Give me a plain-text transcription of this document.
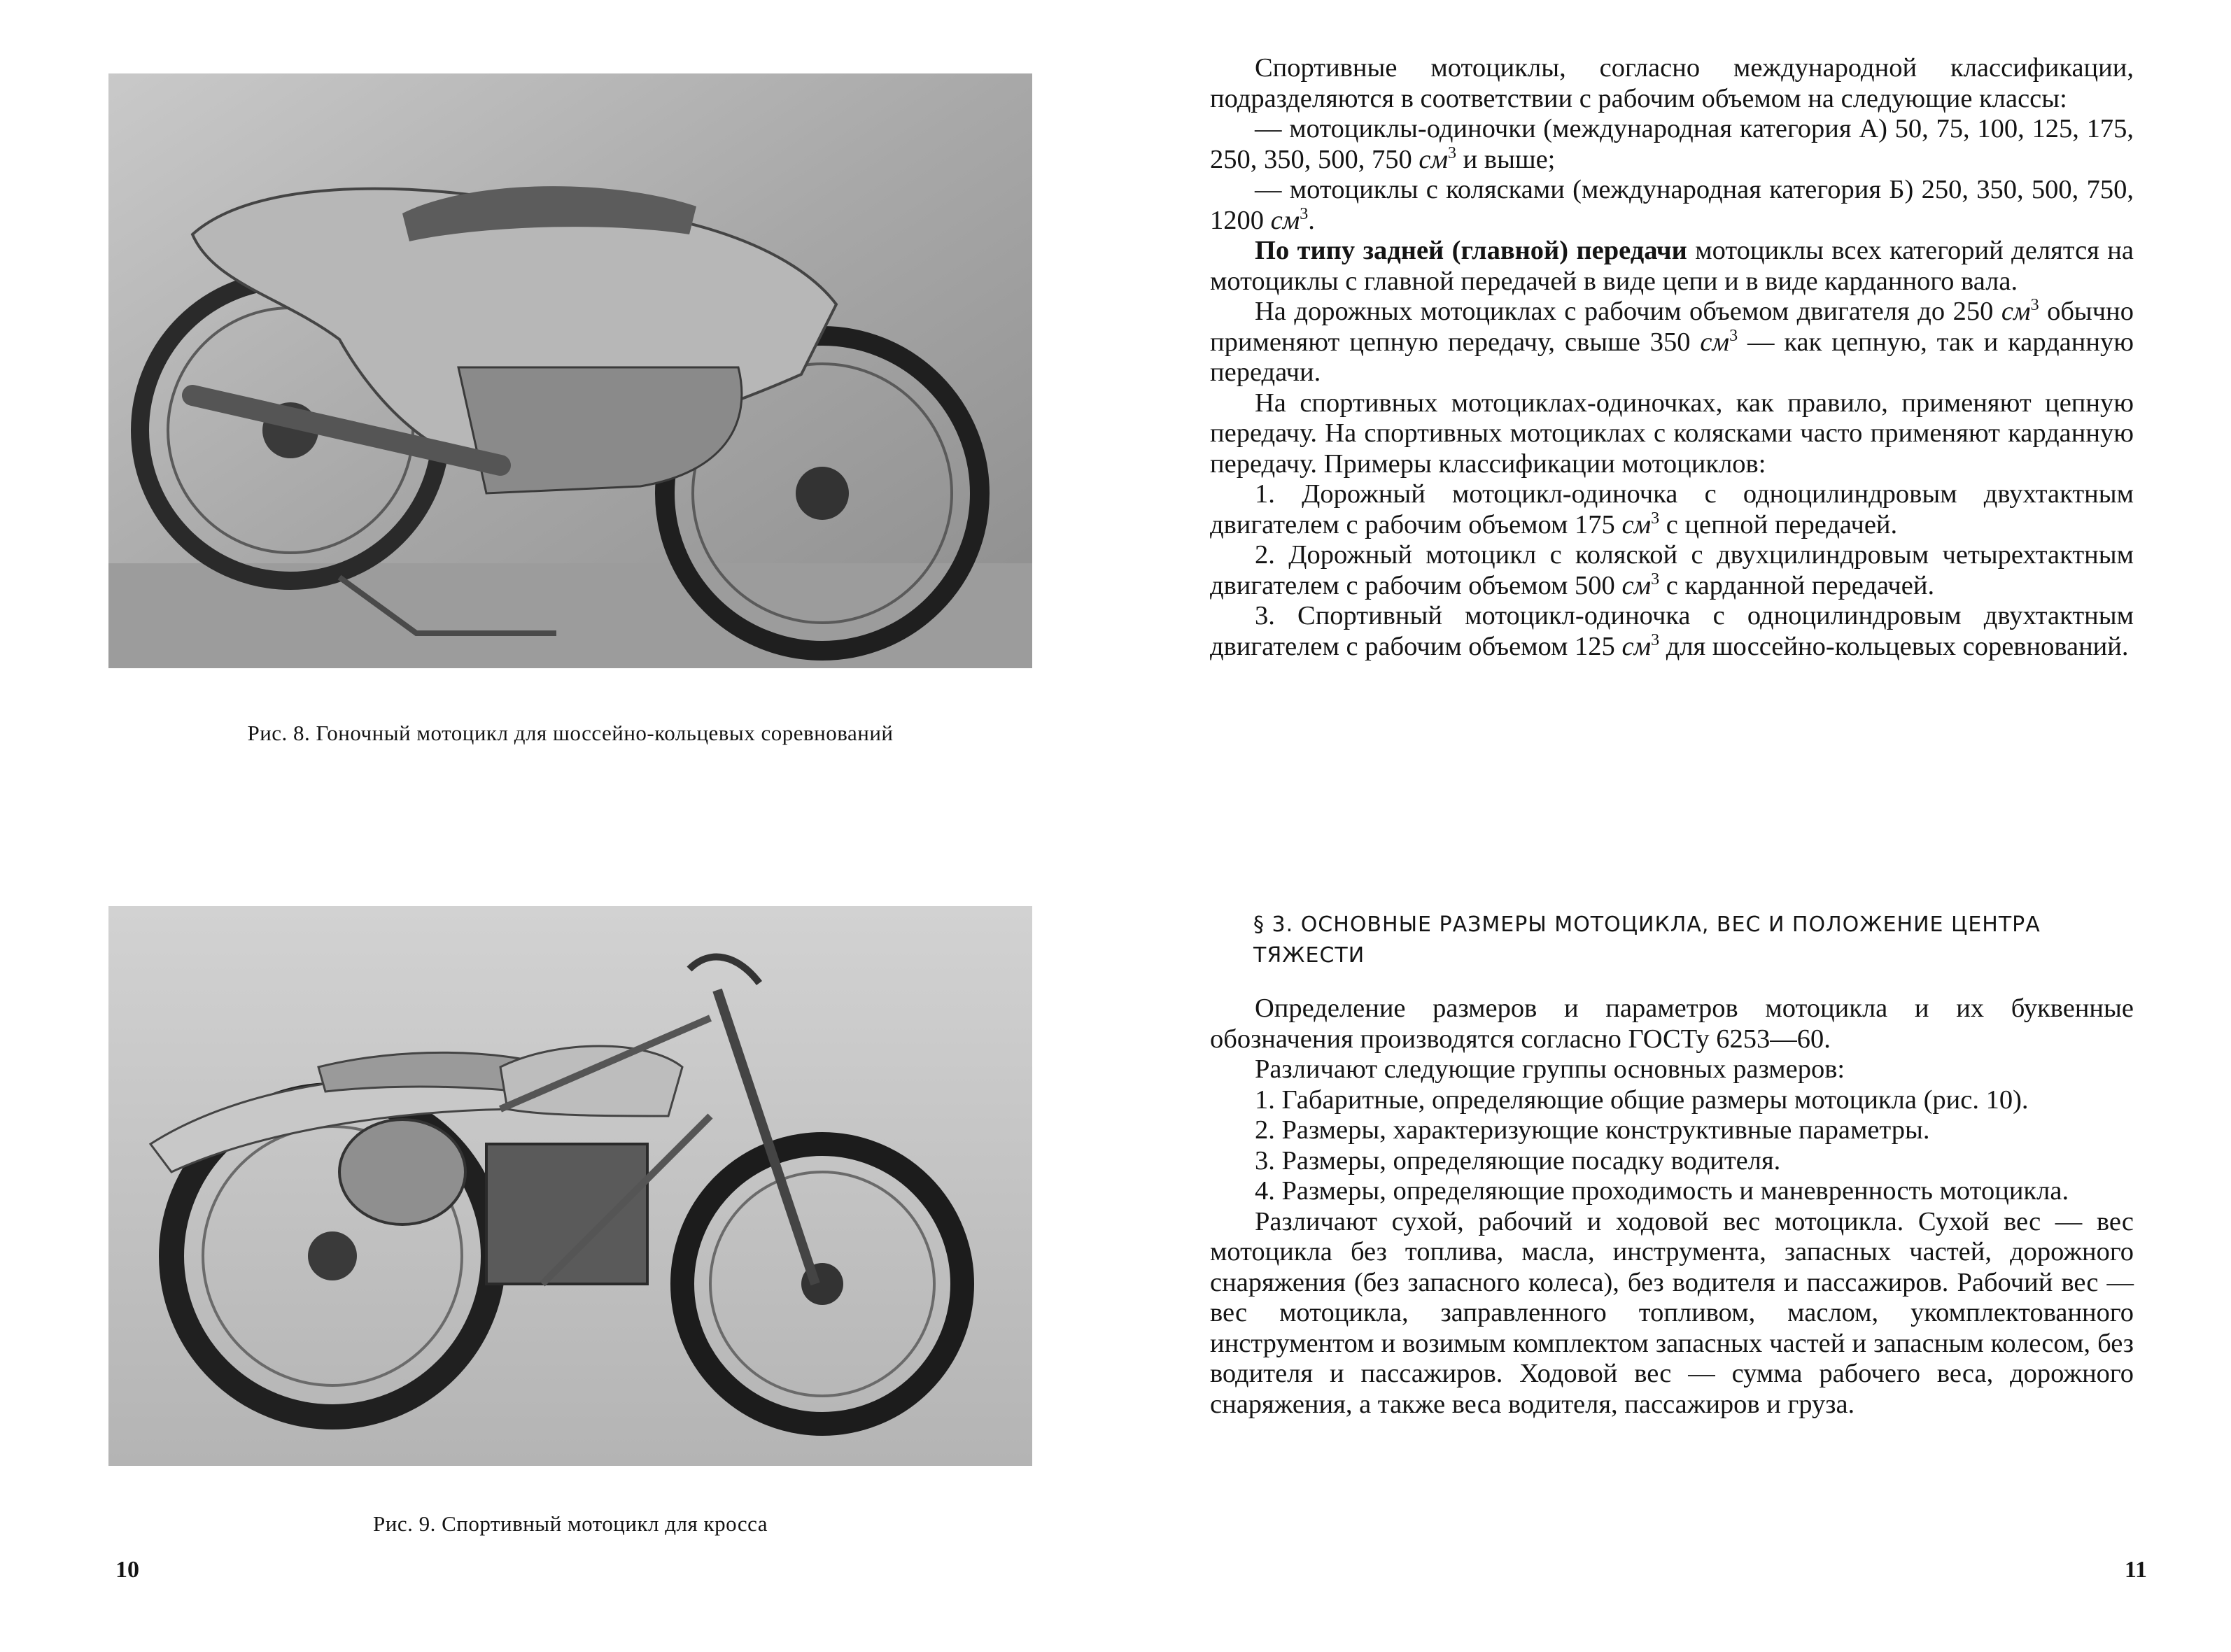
Рис. 8. Гоночный мотоцикл для шоссейно-кольцевых соревнований
Рис. 9. Спортивный мотоцикл для кросса
10

Спортивные мотоциклы, согласно международной классификации, подразделяются в соответствии с рабочим объемом на следующие классы:

— мотоциклы-одиночки (международная категория А) 50, 75, 100, 125, 175, 250, 350, 500, 750 $см^3$ и выше;

— мотоциклы с колясками (международная категория Б) 250, 350, 500, 750, 1200 $см^3$.

По типу задней (главной) передачи мотоциклы всех категорий делятся на мотоциклы с главной передачей в виде цепи и в виде карданного вала.

На дорожных мотоциклах с рабочим объемом двигателя до 250 $см^3$ обычно применяют цепную передачу, свыше 350 $см^3$ — как цепную, так и карданную передачи.

На спортивных мотоциклах-одиночках, как правило, применяют цепную передачу. На спортивных мотоциклах с колясками часто применяют карданную передачу. Примеры классификации мотоциклов:

1. Дорожный мотоцикл-одиночка с одноцилиндровым двухтактным двигателем с рабочим объемом 175 $см^3$ с цепной передачей.

2. Дорожный мотоцикл с коляской с двухцилиндровым четырехтактным двигателем с рабочим объемом 500 $см^3$ с карданной передачей.

3. Спортивный мотоцикл-одиночка с одноцилиндровым двухтактным двигателем с рабочим объемом 125 $см^3$ для шоссейно-кольцевых соревнований.

§ 3. ОСНОВНЫЕ РАЗМЕРЫ МОТОЦИКЛА, ВЕС И ПОЛОЖЕНИЕ ЦЕНТРА ТЯЖЕСТИ

Определение размеров и параметров мотоцикла и их буквенные обозначения производятся согласно ГОСТу 6253—60.

Различают следующие группы основных размеров:

1. Габаритные, определяющие общие размеры мотоцикла (рис. 10).

2. Размеры, характеризующие конструктивные параметры.

3. Размеры, определяющие посадку водителя.

4. Размеры, определяющие проходимость и маневренность мотоцикла.

Различают сухой, рабочий и ходовой вес мотоцикла. Сухой вес — вес мотоцикла без топлива, масла, инструмента, запасных частей, дорожного снаряжения (без запасного колеса), без водителя и пассажиров. Рабочий вес — вес мотоцикла, заправленного топливом, маслом, укомплектованного инструментом и возимым комплектом запасных частей и запасным колесом, без водителя и пассажиров. Ходовой вес — сумма рабочего веса, дорожного снаряжения, а также веса водителя, пассажиров и груза.

11
